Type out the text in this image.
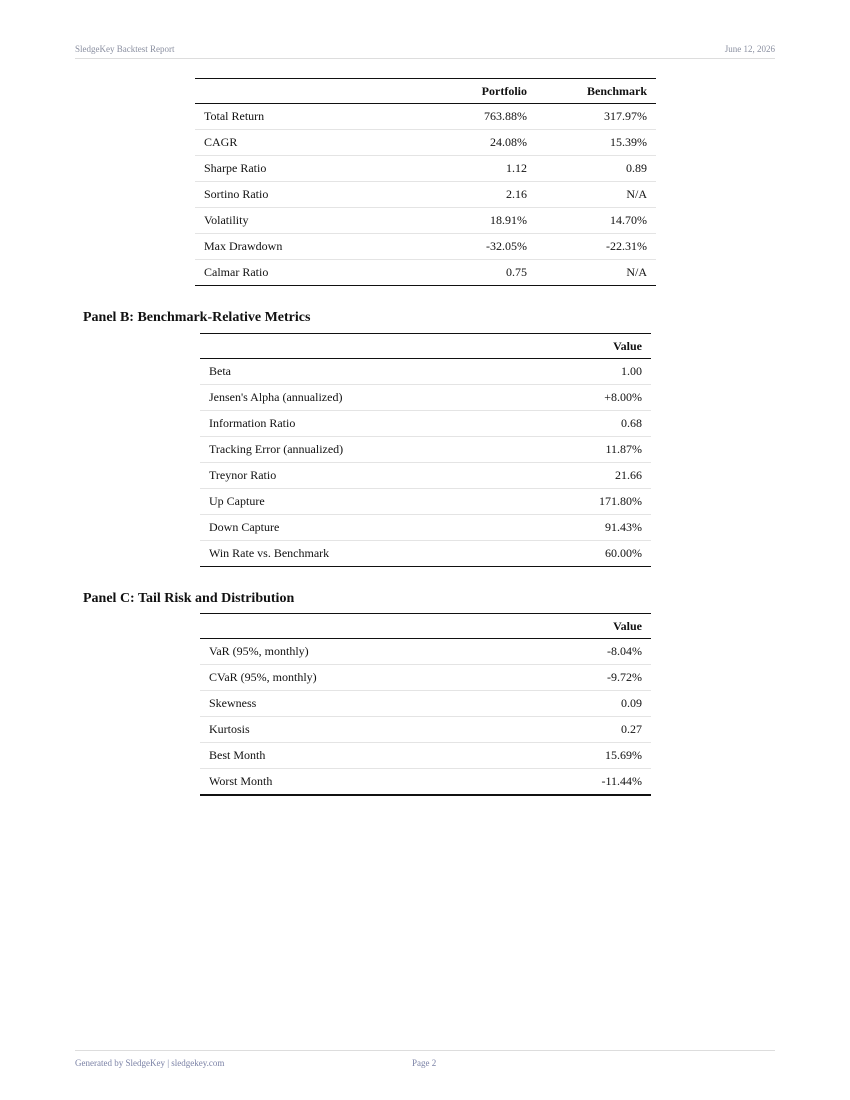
SledgeKey Backtest Report	June 12, 2026
	Portfolio	Benchmark
Total Return	763.88%	317.97%
CAGR	24.08%	15.39%
Sharpe Ratio	1.12	0.89
Sortino Ratio	2.16	N/A
Volatility	18.91%	14.70%
Max Drawdown	-32.05%	-22.31%
Calmar Ratio	0.75	N/A
Panel B: Benchmark-Relative Metrics
	Value
Beta	1.00
Jensen's Alpha (annualized)	+8.00%
Information Ratio	0.68
Tracking Error (annualized)	11.87%
Treynor Ratio	21.66
Up Capture	171.80%
Down Capture	91.43%
Win Rate vs. Benchmark	60.00%
Panel C: Tail Risk and Distribution
	Value
VaR (95%, monthly)	-8.04%
CVaR (95%, monthly)	-9.72%
Skewness	0.09
Kurtosis	0.27
Best Month	15.69%
Worst Month	-11.44%
Generated by SledgeKey | sledgekey.com	Page 2
